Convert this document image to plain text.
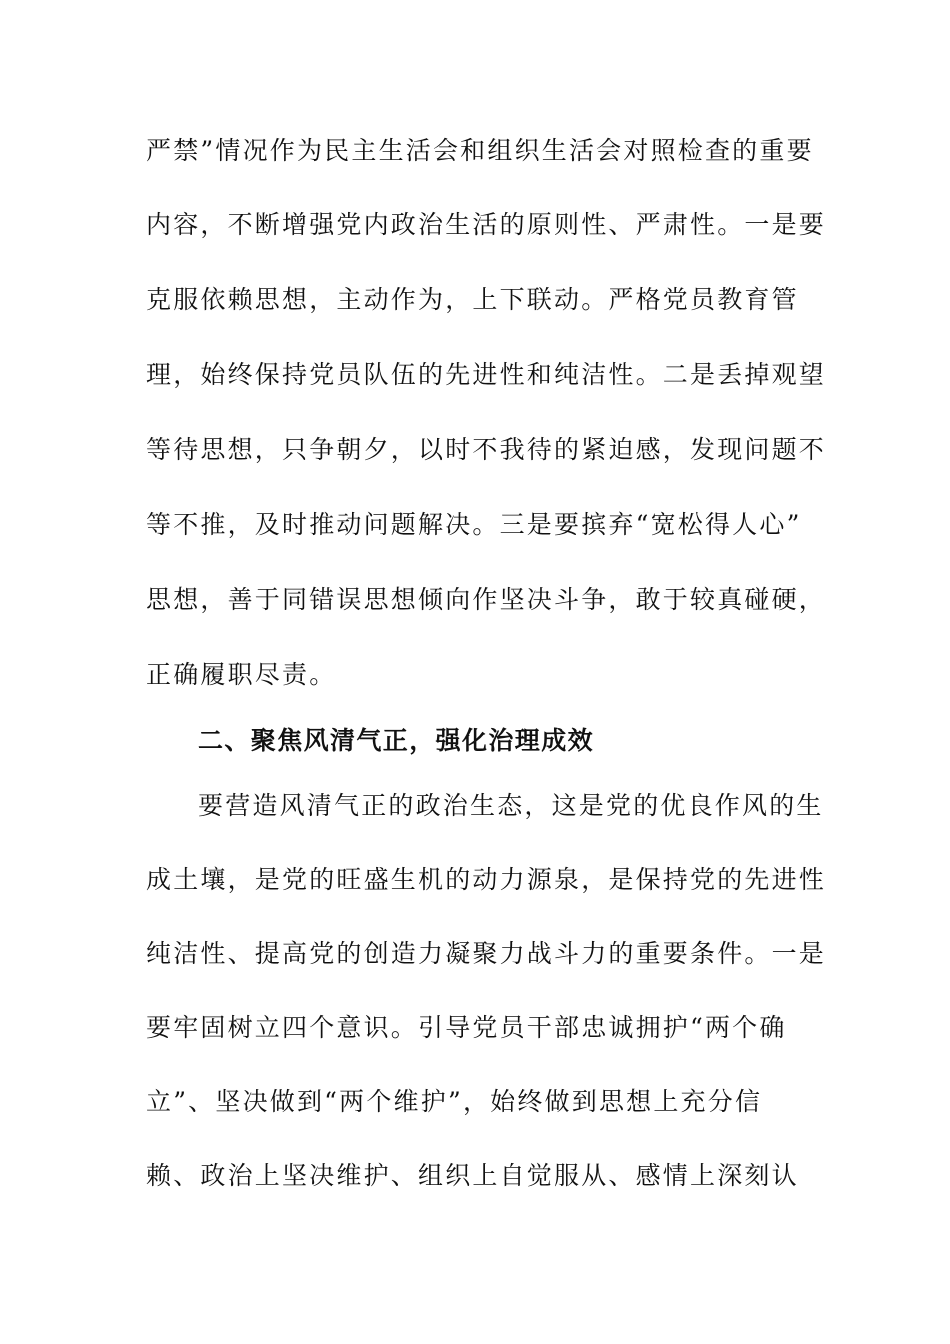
严禁”情况作为民主生活会和组织生活会对照检查的重要
内容，不断增强党内政治生活的原则性、严肃性。一是要
克服依赖思想，主动作为，上下联动。严格党员教育管
理，始终保持党员队伍的先进性和纯洁性。二是丢掉观望
等待思想，只争朝夕，以时不我待的紧迫感，发现问题不
等不推，及时推动问题解决。三是要摈弃“宽松得人心”
思想，善于同错误思想倾向作坚决斗争，敢于较真碰硬，
正确履职尽责。
二、聚焦风清气正，强化治理成效
要营造风清气正的政治生态，这是党的优良作风的生
成土壤，是党的旺盛生机的动力源泉，是保持党的先进性
纯洁性、提高党的创造力凝聚力战斗力的重要条件。一是
要牢固树立四个意识。引导党员干部忠诚拥护“两个确
立”、坚决做到“两个维护”，始终做到思想上充分信
赖、政治上坚决维护、组织上自觉服从、感情上深刻认
